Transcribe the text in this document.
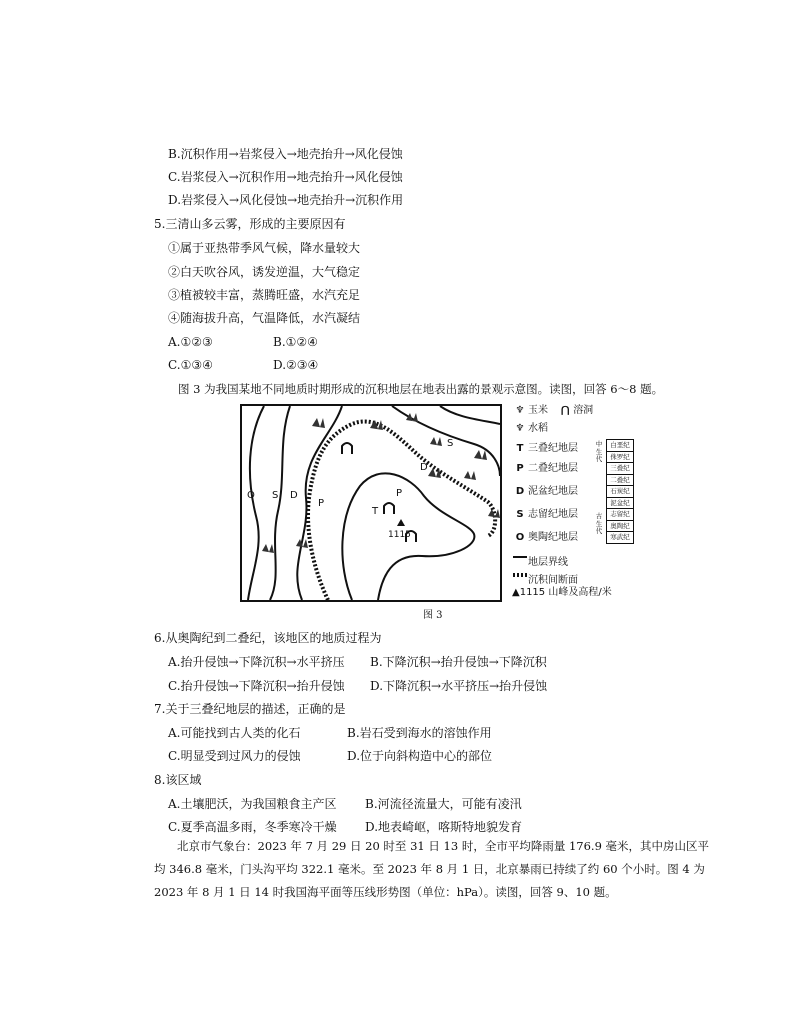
B.沉积作用→岩浆侵入→地壳抬升→风化侵蚀
C.岩浆侵入→沉积作用→地壳抬升→风化侵蚀
D.岩浆侵入→风化侵蚀→地壳抬升→沉积作用
5.三清山多云雾，形成的主要原因有
①属于亚热带季风气候，降水量较大
②白天吹谷风，诱发逆温，大气稳定
③植被较丰富，蒸腾旺盛，水汽充足
④随海拔升高，气温降低，水汽凝结
A.①②③	B.①②④
C.①③④	D.②③④
图 3 为我国某地不同地质时期形成的沉积地层在地表出露的景观示意图。读图，回答 6～8 题。
O S D
P
T
P
D
S
1115
♆ 玉米 ⋂ 溶洞
♆ 水稻
T 三叠纪地层
P 二叠纪地层
D 泥盆纪地层
S 志留纪地层
O 奥陶纪地层
地层界线
沉积间断面
▲1115 山峰及高程/米
中
生
代
古
生
代
白垩纪
侏罗纪
三叠纪
二叠纪
石炭纪
泥盆纪
志留纪
奥陶纪
寒武纪
图 3
6.从奥陶纪到二叠纪，该地区的地质过程为
A.抬升侵蚀→下降沉积→水平挤压 B.下降沉积→抬升侵蚀→下降沉积
C.抬升侵蚀→下降沉积→抬升侵蚀 D.下降沉积→水平挤压→抬升侵蚀
7.关于三叠纪地层的描述，正确的是
A.可能找到古人类的化石	B.岩石受到海水的溶蚀作用
C.明显受到过风力的侵蚀	D.位于向斜构造中心的部位
8.该区域
A.土壤肥沃，为我国粮食主产区 B.河流径流量大，可能有凌汛
C.夏季高温多雨，冬季寒冷干燥 D.地表崎岖，喀斯特地貌发育
北京市气象台：2023 年 7 月 29 日 20 时至 31 日 13 时，全市平均降雨量 176.9 毫米，其中房山区平均 346.8 毫米，门头沟平均 322.1 毫米。至 2023 年 8 月 1 日，北京暴雨已持续了约 60 个小时。图 4 为 2023 年 8 月 1 日 14 时我国海平面等压线形势图（单位：hPa）。读图，回答 9、10 题。
